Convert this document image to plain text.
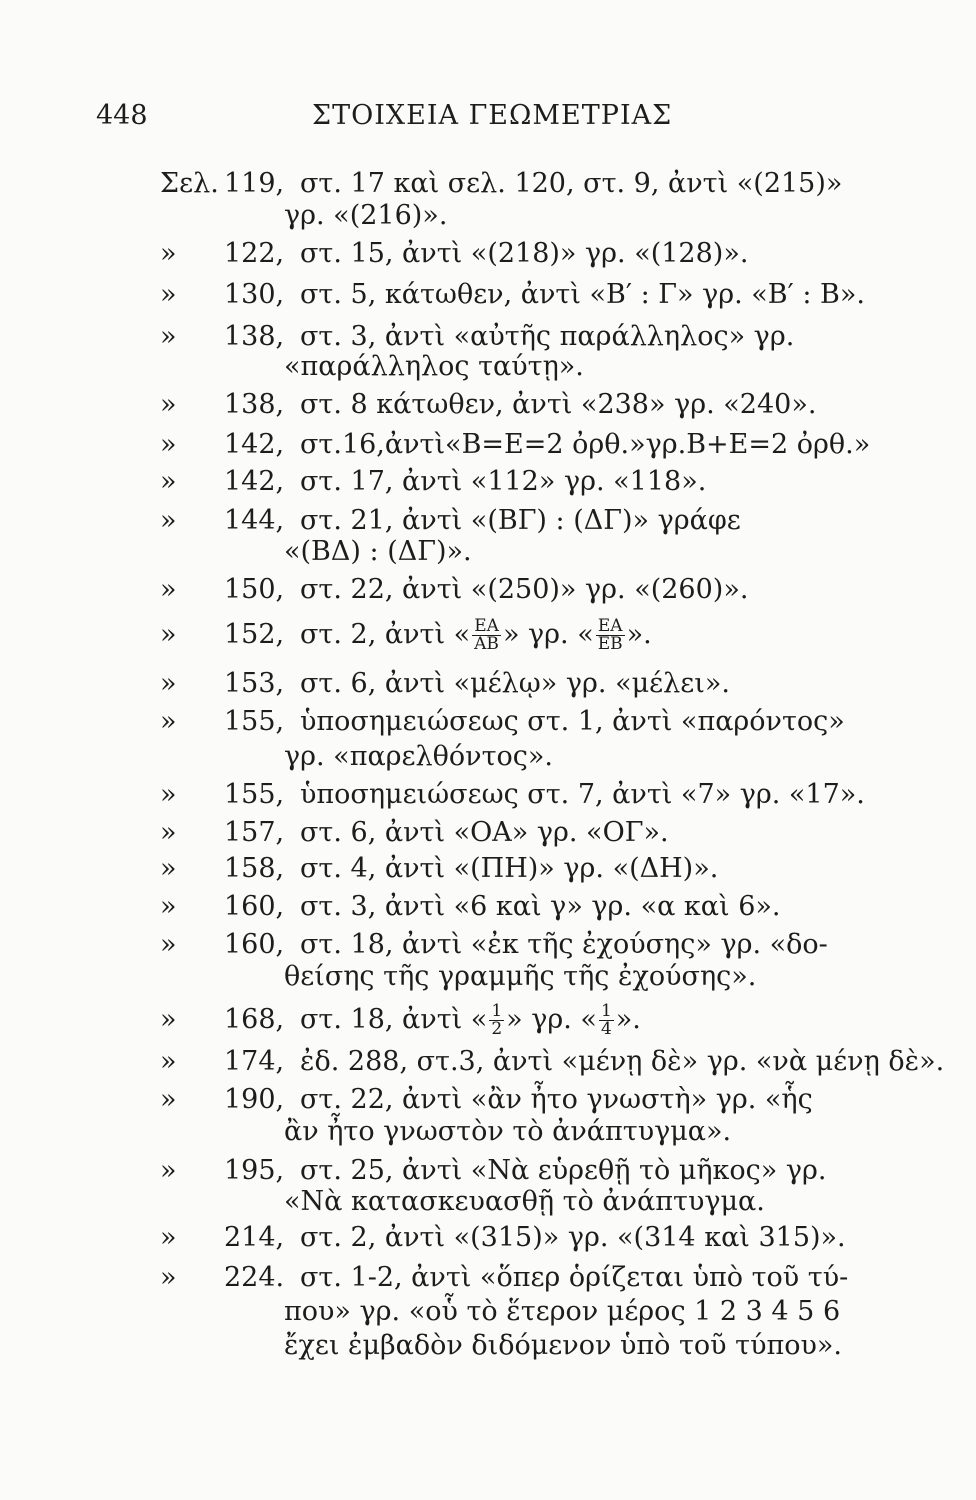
448	ΣΤΟΙΧΕΙΑ ΓΕΩΜΕΤΡΙΑΣ
Σελ. 119, στ. 17 καὶ σελ. 120, στ. 9, ἀντὶ «(215)»
γρ. «(216)».
» 122, στ. 15, ἀντὶ «(218)» γρ. «(128)».
» 130, στ. 5, κάτωθεν, ἀντὶ «Β′ : Γ» γρ. «Β′ : Β».
» 138, στ. 3, ἀντὶ «αὐτῆς παράλληλος» γρ.
«παράλληλος ταύτῃ».
» 138, στ. 8 κάτωθεν, ἀντὶ «238» γρ. «240».
» 142, στ.16,ἀντὶ«Β=Ε=2 ὀρθ.»γρ.Β+Ε=2 ὀρθ.»
» 142, στ. 17, ἀντὶ «112» γρ. «118».
» 144, στ. 21, ἀντὶ «(ΒΓ) : (ΔΓ)» γράφε
«(ΒΔ) : (ΔΓ)».
» 150, στ. 22, ἀντὶ «(250)» γρ. «(260)».
» 152, στ. 2, ἀντὶ « $\frac{EA}{AB}$ » γρ. « $\frac{EA}{EB}$ ».
» 153, στ. 6, ἀντὶ «μέλῳ» γρ. «μέλει».
» 155, ὑποσημειώσεως στ. 1, ἀντὶ «παρόντος»
γρ. «παρελθόντος».
» 155, ὑποσημειώσεως στ. 7, ἀντὶ «7» γρ. «17».
» 157, στ. 6, ἀντὶ «ΟΑ» γρ. «ΟΓ».
» 158, στ. 4, ἀντὶ «(ΠΗ)» γρ. «(ΔΗ)».
» 160, στ. 3, ἀντὶ «6 καὶ γ» γρ. «α καὶ 6».
» 160, στ. 18, ἀντὶ «ἐκ τῆς ἐχούσης» γρ. «δο-
θείσης τῆς γραμμῆς τῆς ἐχούσης».
» 168, στ. 18, ἀντὶ « $\frac{1}{2}$ » γρ. « $\frac{1}{4}$ ».
» 174, ἐδ. 288, στ.3, ἀντὶ «μένῃ δὲ» γρ. «νὰ μένῃ δὲ».
» 190, στ. 22, ἀντὶ «ἂν ἦτο γνωστὴ» γρ. «ἧς
ἂν ἦτο γνωστὸν τὸ ἀνάπτυγμα».
» 195, στ. 25, ἀντὶ «Νὰ εὑρεθῇ τὸ μῆκος» γρ.
«Νὰ κατασκευασθῇ τὸ ἀνάπτυγμα.
» 214, στ. 2, ἀντὶ «(315)» γρ. «(314 καὶ 315)».
» 224. στ. 1-2, ἀντὶ «ὅπερ ὁρίζεται ὑπὸ τοῦ τύ-
που» γρ. «οὗ τὸ ἕτερον μέρος 1 2 3 4 5 6
ἔχει ἐμβαδὸν διδόμενον ὑπὸ τοῦ τύπου».
